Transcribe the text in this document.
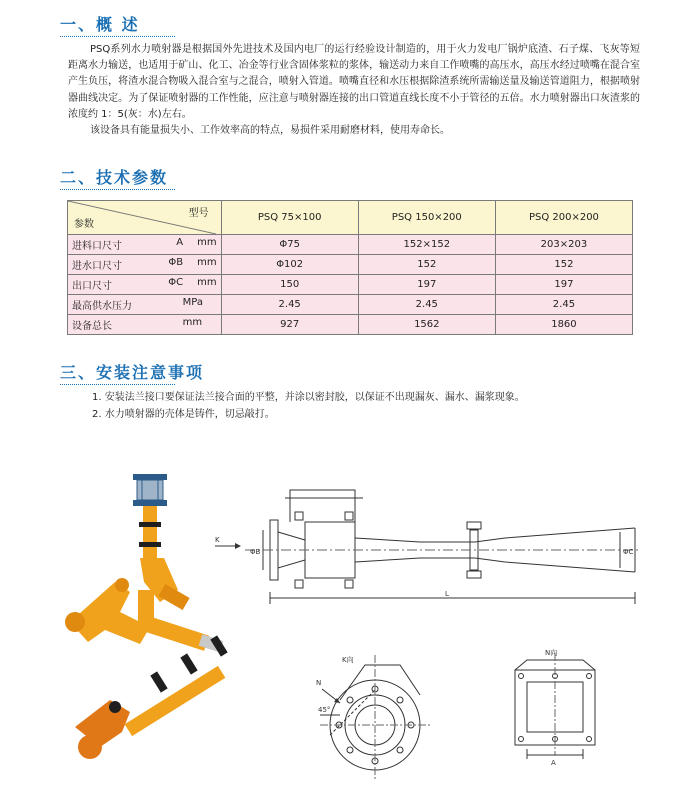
一、概 述

PSQ系列水力喷射器是根据国外先进技术及国内电厂的运行经验设计制造的，用于火力发电厂锅炉底渣、石子煤、飞灰等短距离水力输送，也适用于矿山、化工、冶金等行业含固体浆粒的浆体，输送动力来自工作喷嘴的高压水，高压水经过喷嘴在混合室产生负压，将渣水混合物吸入混合室与之混合，喷射入管道。喷嘴直径和水压根据除渣系统所需输送量及输送管道阻力，根据喷射器曲线决定。为了保证喷射器的工作性能，应注意与喷射器连接的出口管道直线长度不小于管径的五倍。水力喷射器出口灰渣浆的浓度约 1：5(灰：水)左右。

该设备具有能量损失小、工作效率高的特点，易损件采用耐磨材料，使用寿命长。

二、技术参数
型号
参数	PSQ 75×100	PSQ 150×200	PSQ 200×200

进料口尺寸 A mm	Φ75	152×152	203×203

进水口尺寸 ΦB mm	Φ102	152	152

出口尺寸 ΦC mm	150	197	197

最高供水压力 MPa	2.45	2.45	2.45

设备总长 mm	927	1562	1860
三、安装注意事项
1. 安装法兰接口要保证法兰接合面的平整，并涂以密封胶，以保证不出现漏灰、漏水、漏浆现象。
2. 水力喷射器的壳体是铸件，切忌敲打。
K
ΦB	ΦC
L
K向
N
45°
N向
A
